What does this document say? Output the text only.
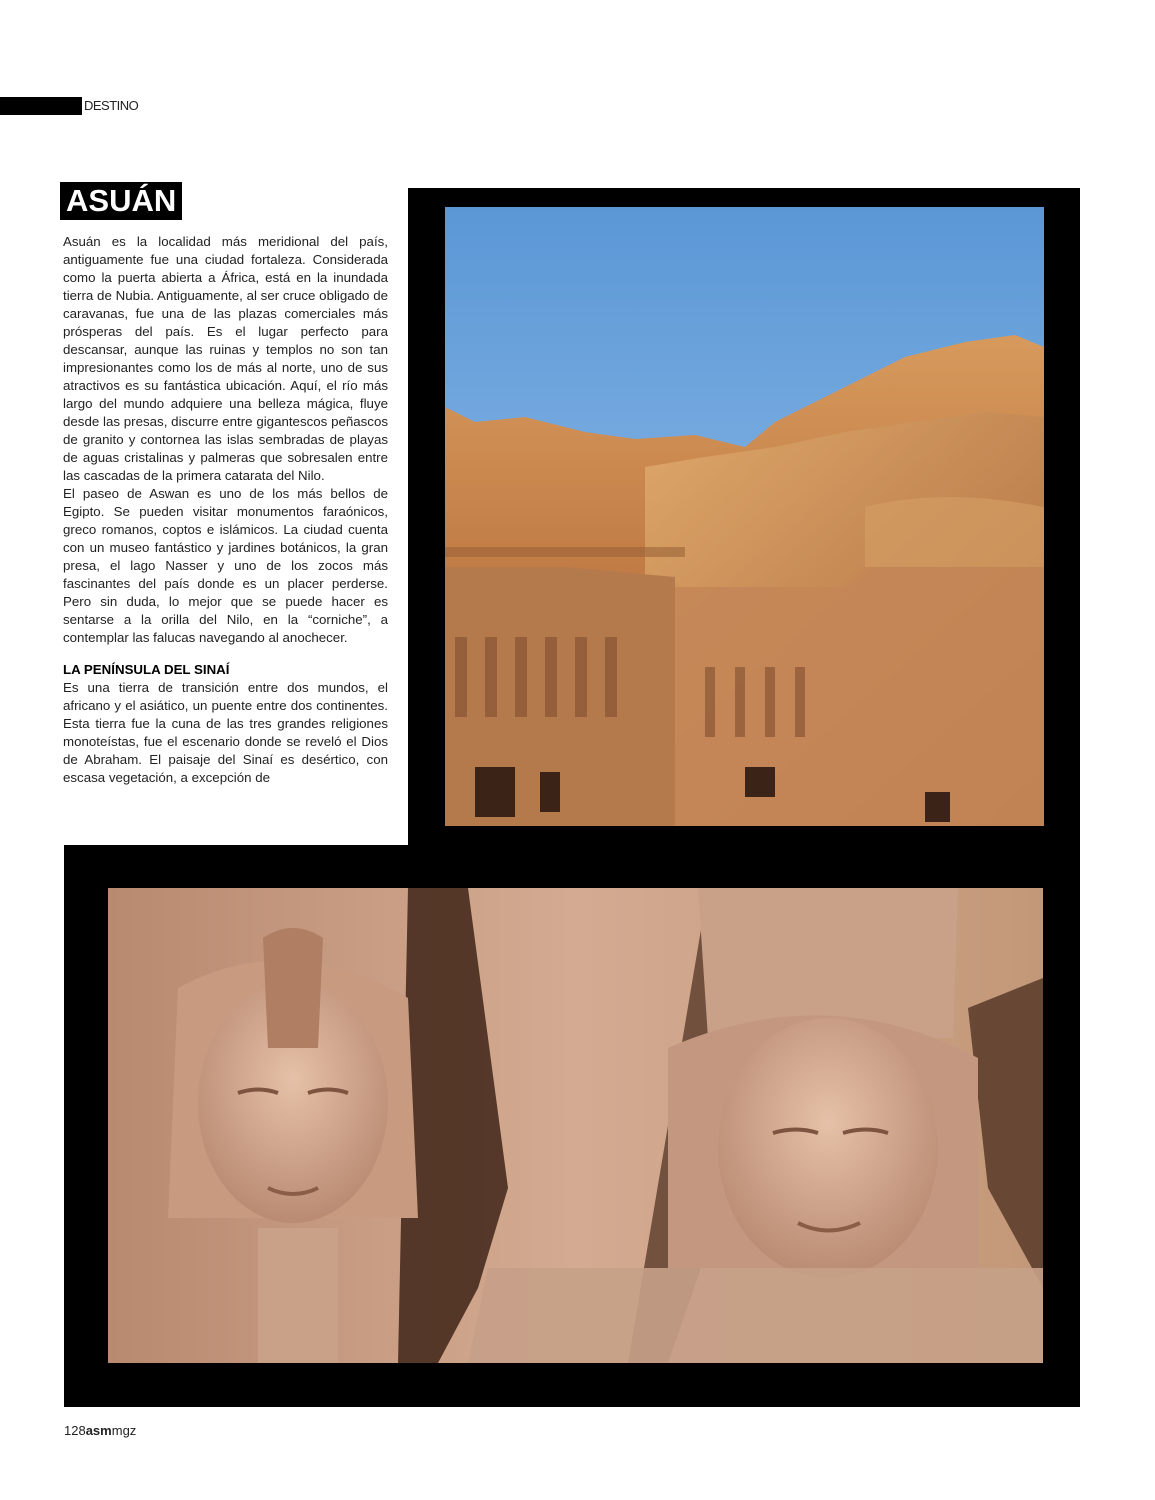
DESTINO
ASUÁN

Asuán es la localidad más meridional del país, antiguamente fue una ciudad fortaleza. Considerada como la puerta abierta a África, está en la inundada tierra de Nubia. Antiguamente, al ser cruce obligado de caravanas, fue una de las plazas comerciales más prósperas del país. Es el lugar perfecto para descansar, aunque las ruinas y templos no son tan impresionantes como los de más al norte, uno de sus atractivos es su fantástica ubicación. Aquí, el río más largo del mundo adquiere una belleza mágica, fluye desde las presas, discurre entre gigantescos peñascos de granito y contornea las islas sembradas de playas de aguas cristalinas y palmeras que sobresalen entre las cascadas de la primera catarata del Nilo.

El paseo de Aswan es uno de los más bellos de Egipto. Se pueden visitar monumentos faraónicos, greco romanos, coptos e islámicos. La ciudad cuenta con un museo fantástico y jardines botánicos, la gran presa, el lago Nasser y uno de los zocos más fascinantes del país donde es un placer perderse. Pero sin duda, lo mejor que se puede hacer es sentarse a la orilla del Nilo, en la “corniche”, a contemplar las falucas navegando al anochecer.

LA PENÍNSULA DEL SINAÍ

Es una tierra de transición entre dos mundos, el africano y el asiático, un puente entre dos continentes. Esta tierra fue la cuna de las tres grandes religiones monoteístas, fue el escenario donde se reveló el Dios de Abraham. El paisaje del Sinaí es desértico, con escasa vegetación, a excepción de

128asmmgz
